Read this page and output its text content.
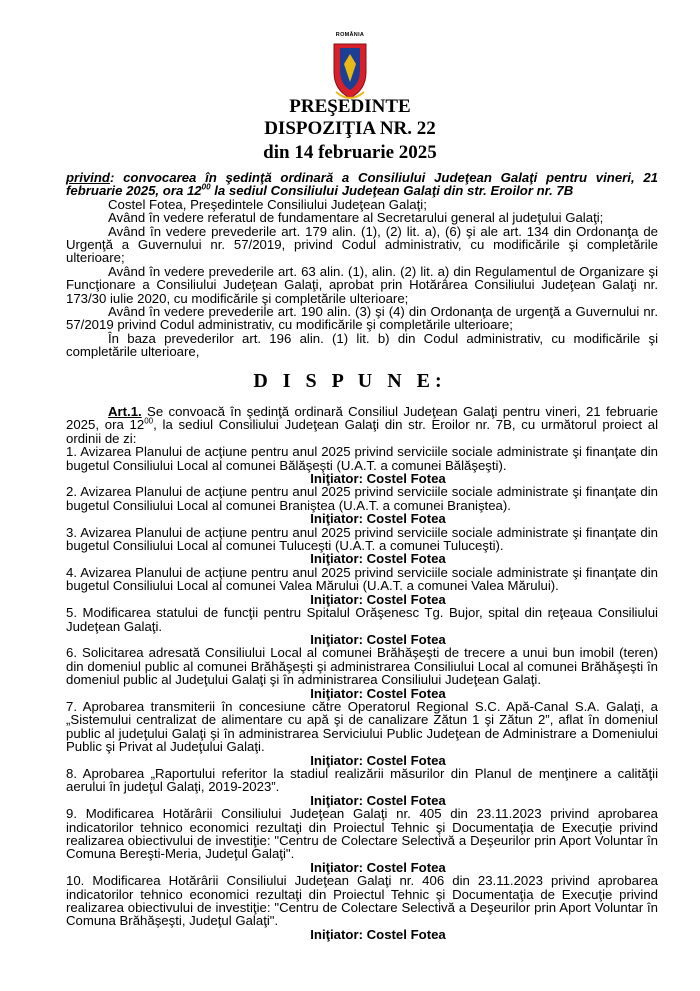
ROMÂNIA
PREŞEDINTE
DISPOZIŢIA NR. 22
din 14 februarie 2025

privind: convocarea în şedinţă ordinară a Consiliului Judeţean Galaţi pentru vineri, 21 februarie 2025, ora $12^{00}$ la sediul Consiliului Judeţean Galaţi din str. Eroilor nr. 7B

Costel Fotea, Preşedintele Consiliului Judeţean Galaţi;

Având în vedere referatul de fundamentare al Secretarului general al judeţului Galaţi;

Având în vedere prevederile art. 179 alin. (1), (2) lit. a), (6) şi ale art. 134 din Ordonanţa de Urgenţă a Guvernului nr. 57/2019, privind Codul administrativ, cu modificările şi completările ulterioare;

Având în vedere prevederile art. 63 alin. (1), alin. (2) lit. a) din Regulamentul de Organizare şi Funcţionare a Consiliului Judeţean Galaţi, aprobat prin Hotărârea Consiliului Judeţean Galaţi nr. 173/30 iulie 2020, cu modificările şi completările ulterioare;

Având în vedere prevederile art. 190 alin. (3) şi (4) din Ordonanţa de urgenţă a Guvernului nr. 57/2019 privind Codul administrativ, cu modificările şi completările ulterioare;

În baza prevederilor art. 196 alin. (1) lit. b) din Codul administrativ, cu modificările şi completările ulterioare,

D I S P U N E:

Art.1. Se convoacă în şedinţă ordinară Consiliul Judeţean Galaţi pentru vineri, 21 februarie 2025, ora $12^{00}$, la sediul Consiliului Judeţean Galaţi din str. Eroilor nr. 7B, cu următorul proiect al ordinii de zi:

1. Avizarea Planului de acţiune pentru anul 2025 privind serviciile sociale administrate şi finanţate din bugetul Consiliului Local al comunei Bălăşeşti (U.A.T. a comunei Bălăşeşti).

Iniţiator: Costel Fotea

2. Avizarea Planului de acţiune pentru anul 2025 privind serviciile sociale administrate şi finanţate din bugetul Consiliului Local al comunei Braniştea (U.A.T. a comunei Braniştea).

Iniţiator: Costel Fotea

3. Avizarea Planului de acţiune pentru anul 2025 privind serviciile sociale administrate şi finanţate din bugetul Consiliului Local al comunei Tuluceşti (U.A.T. a comunei Tuluceşti).

Iniţiator: Costel Fotea

4. Avizarea Planului de acţiune pentru anul 2025 privind serviciile sociale administrate şi finanţate din bugetul Consiliului Local al comunei Valea Mărului (U.A.T. a comunei Valea Mărului).

Iniţiator: Costel Fotea

5. Modificarea statului de funcţii pentru Spitalul Orăşenesc Tg. Bujor, spital din reţeaua Consiliului Judeţean Galaţi.

Iniţiator: Costel Fotea

6. Solicitarea adresată Consiliului Local al comunei Brăhăşeşti de trecere a unui bun imobil (teren) din domeniul public al comunei Brăhăşeşti şi administrarea Consiliului Local al comunei Brăhăşeşti în domeniul public al Judeţului Galaţi şi în administrarea Consiliului Judeţean Galaţi.

Iniţiator: Costel Fotea

7. Aprobarea transmiterii în concesiune către Operatorul Regional S.C. Apă-Canal S.A. Galaţi, a „Sistemului centralizat de alimentare cu apă şi de canalizare Zătun 1 şi Zătun 2”, aflat în domeniul public al judeţului Galaţi şi în administrarea Serviciului Public Judeţean de Administrare a Domeniului Public şi Privat al Judeţului Galaţi.

Iniţiator: Costel Fotea

8. Aprobarea „Raportului referitor la stadiul realizării măsurilor din Planul de menţinere a calităţii aerului în judeţul Galaţi, 2019-2023”.

Iniţiator: Costel Fotea

9. Modificarea Hotărârii Consiliului Judeţean Galaţi nr. 405 din 23.11.2023 privind aprobarea indicatorilor tehnico economici rezultaţi din Proiectul Tehnic şi Documentaţia de Execuţie privind realizarea obiectivului de investiţie: "Centru de Colectare Selectivă a Deşeurilor prin Aport Voluntar în Comuna Bereşti-Meria, Judeţul Galaţi".

Iniţiator: Costel Fotea

10. Modificarea Hotărârii Consiliului Judeţean Galaţi nr. 406 din 23.11.2023 privind aprobarea indicatorilor tehnico economici rezultaţi din Proiectul Tehnic şi Documentaţia de Execuţie privind realizarea obiectivului de investiţie: "Centru de Colectare Selectivă a Deşeurilor prin Aport Voluntar în Comuna Brăhăşeşti, Judeţul Galaţi".

Iniţiator: Costel Fotea
